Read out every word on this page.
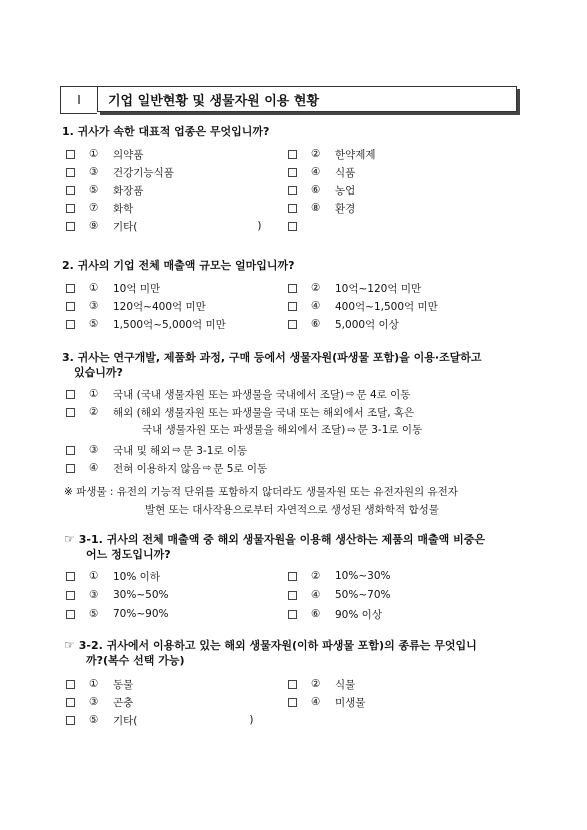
Ⅰ	기업 일반현황 및 생물자원 이용 현황
1. 귀사가 속한 대표적 업종은 무엇입니까?
①	의약품	②	한약제제
③	건강기능식품	④	식품
⑤	화장품	⑥	농업
⑦	화학	⑧	환경
⑨	기타(	)
2. 귀사의 기업 전체 매출액 규모는 얼마입니까?
①	10억 미만	②	10억~120억 미만
③	120억~400억 미만	④	400억~1,500억 미만
⑤	1,500억~5,000억 미만	⑥	5,000억 이상
3. 귀사는 연구개발, 제품화 과정, 구매 등에서 생물자원(파생물 포함)을 이용·조달하고
있습니까?
①	국내 (국내 생물자원 또는 파생물을 국내에서 조달) ⇨ 문 4로 이동
②	해외 (해외 생물자원 또는 파생물을 국내 또는 해외에서 조달, 혹은
국내 생물자원 또는 파생물을 해외에서 조달) ⇨ 문 3-1로 이동
③	국내 및 해외 ⇨ 문 3-1로 이동
④	전혀 이용하지 않음 ⇨ 문 5로 이동
※ 파생물 : 유전의 기능적 단위를 포함하지 않더라도 생물자원 또는 유전자원의 유전자
발현 또는 대사작용으로부터 자연적으로 생성된 생화학적 합성물
☞ 3-1. 귀사의 전체 매출액 중 해외 생물자원을 이용해 생산하는 제품의 매출액 비중은
어느 정도입니까?
①	10% 이하	②	10%~30%
③	30%~50%	④	50%~70%
⑤	70%~90%	⑥	90% 이상
☞ 3-2. 귀사에서 이용하고 있는 해외 생물자원(이하 파생물 포함)의 종류는 무엇입니
까?(복수 선택 가능)
①	동물	②	식물
③	곤충	④	미생물
⑤	기타(	)
